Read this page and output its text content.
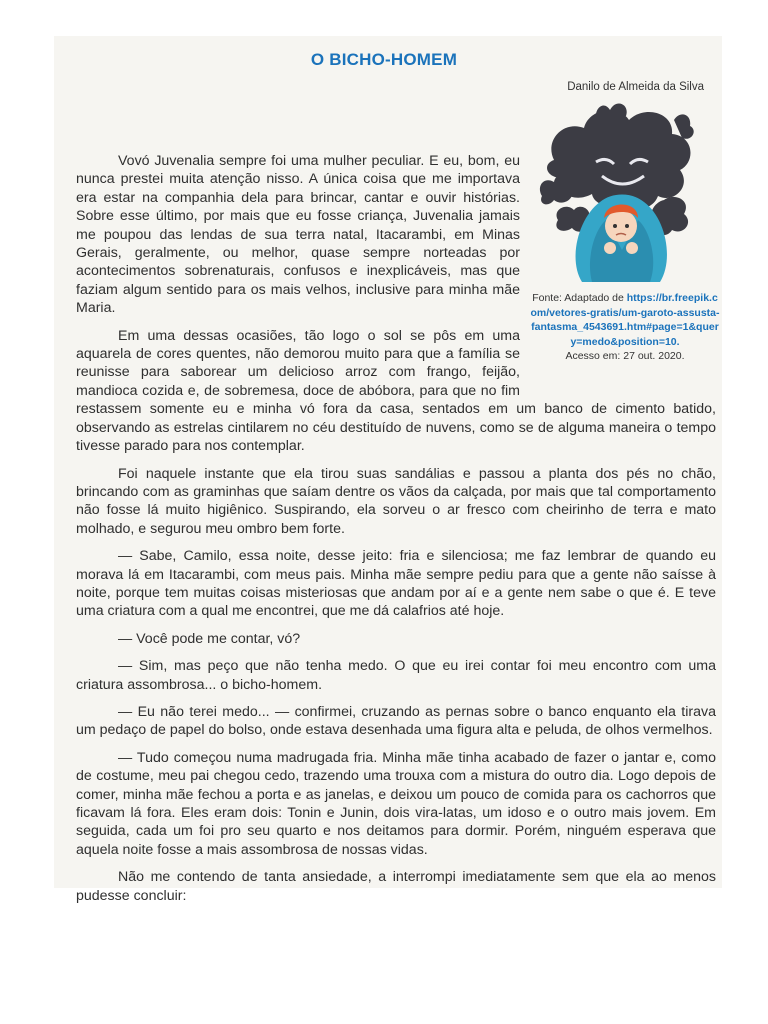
O BICHO-HOMEM
Danilo de Almeida da Silva
Fonte: Adaptado de https://br.freepik.com/vetores-gratis/um-garoto-assusta-fantasma_4543691.htm#page=1&query=medo&position=10.
Acesso em: 27 out. 2020.

Vovó Juvenalia sempre foi uma mulher peculiar. E eu, bom, eu nunca prestei muita atenção nisso. A única coisa que me importava era estar na companhia dela para brincar, cantar e ouvir histórias. Sobre esse último, por mais que eu fosse criança, Juvenalia jamais me poupou das lendas de sua terra natal, Itacarambi, em Minas Gerais, geralmente, ou melhor, quase sempre norteadas por acontecimentos sobrenaturais, confusos e inexplicáveis, mas que faziam algum sentido para os mais velhos, inclusive para minha mãe Maria.

Em uma dessas ocasiões, tão logo o sol se pôs em uma aquarela de cores quentes, não demorou muito para que a família se reunisse para saborear um delicioso arroz com frango, feijão, mandioca cozida e, de sobremesa, doce de abóbora, para que no fim restassem somente eu e minha vó fora da casa, sentados em um banco de cimento batido, observando as estrelas cintilarem no céu destituído de nuvens, como se de alguma maneira o tempo tivesse parado para nos contemplar.

Foi naquele instante que ela tirou suas sandálias e passou a planta dos pés no chão, brincando com as graminhas que saíam dentre os vãos da calçada, por mais que tal comportamento não fosse lá muito higiênico. Suspirando, ela sorveu o ar fresco com cheirinho de terra e mato molhado, e segurou meu ombro bem forte.

— Sabe, Camilo, essa noite, desse jeito: fria e silenciosa; me faz lembrar de quando eu morava lá em Itacarambi, com meus pais. Minha mãe sempre pediu para que a gente não saísse à noite, porque tem muitas coisas misteriosas que andam por aí e a gente nem sabe o que é. E teve uma criatura com a qual me encontrei, que me dá calafrios até hoje.

— Você pode me contar, vó?

— Sim, mas peço que não tenha medo. O que eu irei contar foi meu encontro com uma criatura assombrosa... o bicho-homem.

— Eu não terei medo... — confirmei, cruzando as pernas sobre o banco enquanto ela tirava um pedaço de papel do bolso, onde estava desenhada uma figura alta e peluda, de olhos vermelhos.

— Tudo começou numa madrugada fria. Minha mãe tinha acabado de fazer o jantar e, como de costume, meu pai chegou cedo, trazendo uma trouxa com a mistura do outro dia. Logo depois de comer, minha mãe fechou a porta e as janelas, e deixou um pouco de comida para os cachorros que ficavam lá fora. Eles eram dois: Tonin e Junin, dois vira-latas, um idoso e o outro mais jovem. Em seguida, cada um foi pro seu quarto e nos deitamos para dormir. Porém, ninguém esperava que aquela noite fosse a mais assombrosa de nossas vidas.

Não me contendo de tanta ansiedade, a interrompi imediatamente sem que ela ao menos pudesse concluir:
